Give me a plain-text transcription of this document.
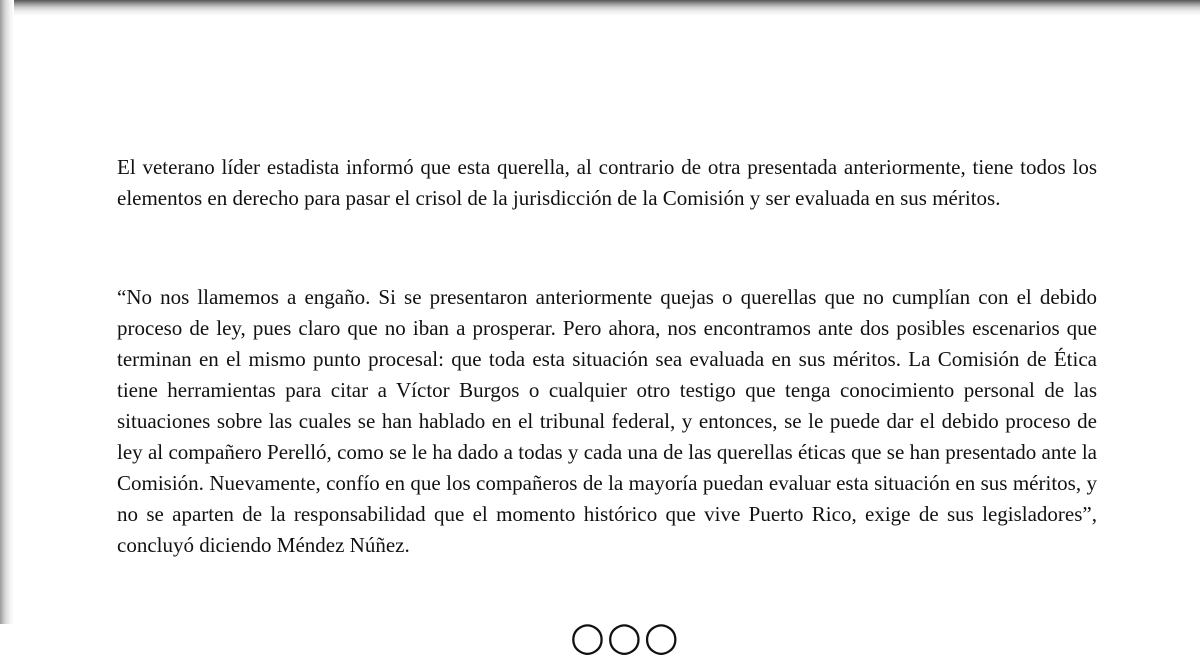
El veterano líder estadista informó que esta querella, al contrario de otra presentada anteriormente, tiene todos los elementos en derecho para pasar el crisol de la jurisdicción de la Comisión y ser evaluada en sus méritos.

“No nos llamemos a engaño. Si se presentaron anteriormente quejas o querellas que no cumplían con el debido proceso de ley, pues claro que no iban a prosperar. Pero ahora, nos encontramos ante dos posibles escenarios que terminan en el mismo punto procesal: que toda esta situación sea evaluada en sus méritos. La Comisión de Ética tiene herramientas para citar a Víctor Burgos o cualquier otro testigo que tenga conocimiento personal de las situaciones sobre las cuales se han hablado en el tribunal federal, y entonces, se le puede dar el debido proceso de ley al compañero Perelló, como se le ha dado a todas y cada una de las querellas éticas que se han presentado ante la Comisión. Nuevamente, confío en que los compañeros de la mayoría puedan evaluar esta situación en sus méritos, y no se aparten de la responsabilidad que el momento histórico que vive Puerto Rico, exige de sus legisladores”, concluyó diciendo Méndez Núñez.

○○○
